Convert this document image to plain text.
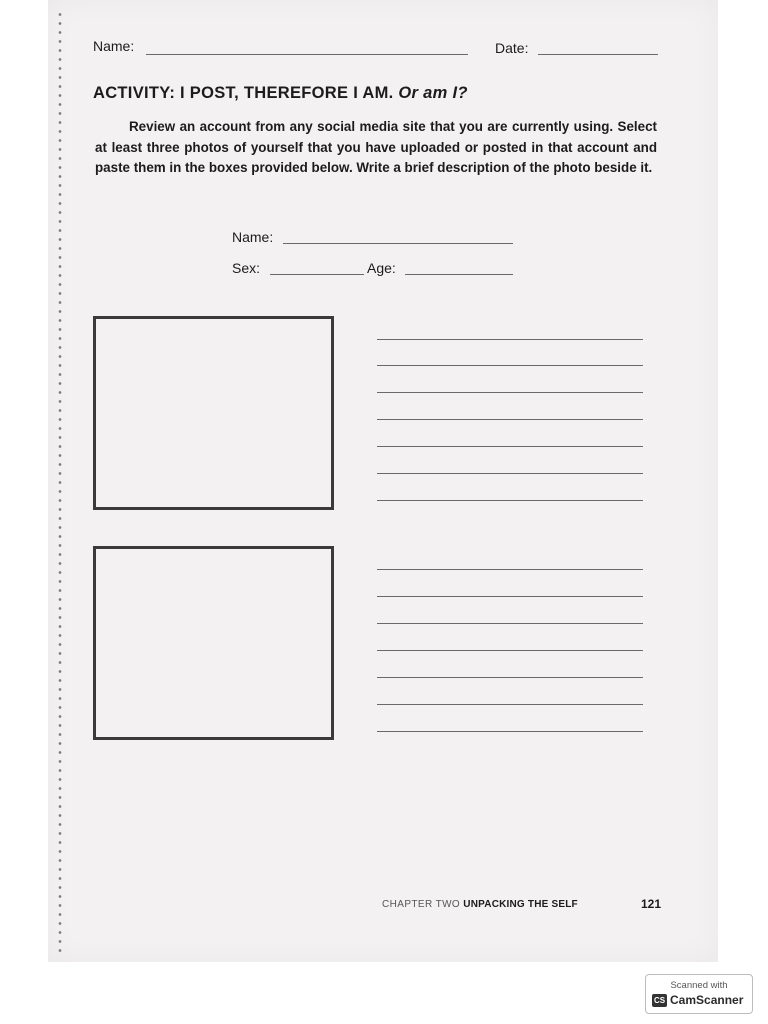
Name:	Date:
ACTIVITY: I POST, THEREFORE I AM. Or am I?
Review an account from any social media site that you are currently using. Select at least three photos of yourself that you have uploaded or posted in that account and paste them in the boxes provided below. Write a brief description of the photo beside it.
Name:
Sex:	Age:
CHAPTER TWO UNPACKING THE SELF	121
Scanned with
CS CamScanner
